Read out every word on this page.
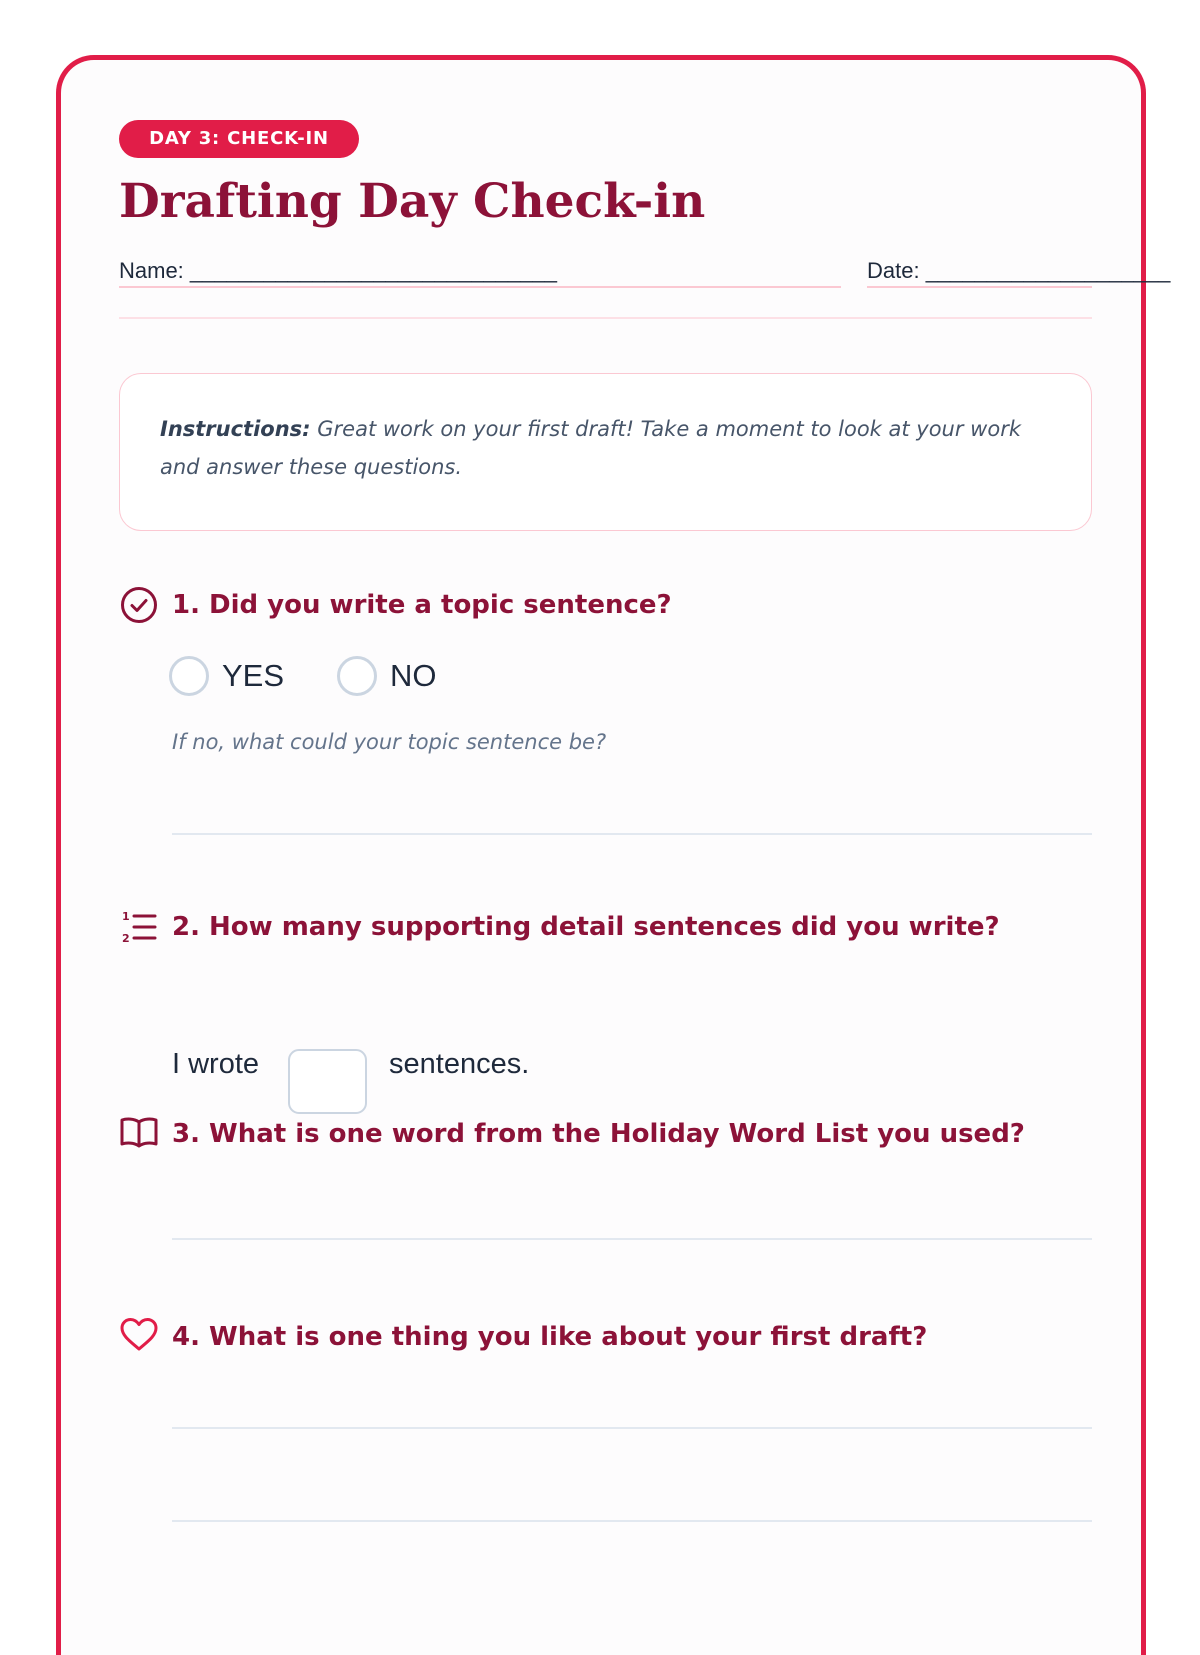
DAY 3: CHECK-IN
Drafting Day Check-in
Name: ______________________________	Date: ____________________
Instructions: Great work on your first draft! Take a moment to look at your work and answer these questions.
1. Did you write a topic sentence?
YES	NO
If no, what could your topic sentence be?
1
2 2. How many supporting detail sentences did you write?
I wrote	sentences.
3. What is one word from the Holiday Word List you used?
4. What is one thing you like about your first draft?
